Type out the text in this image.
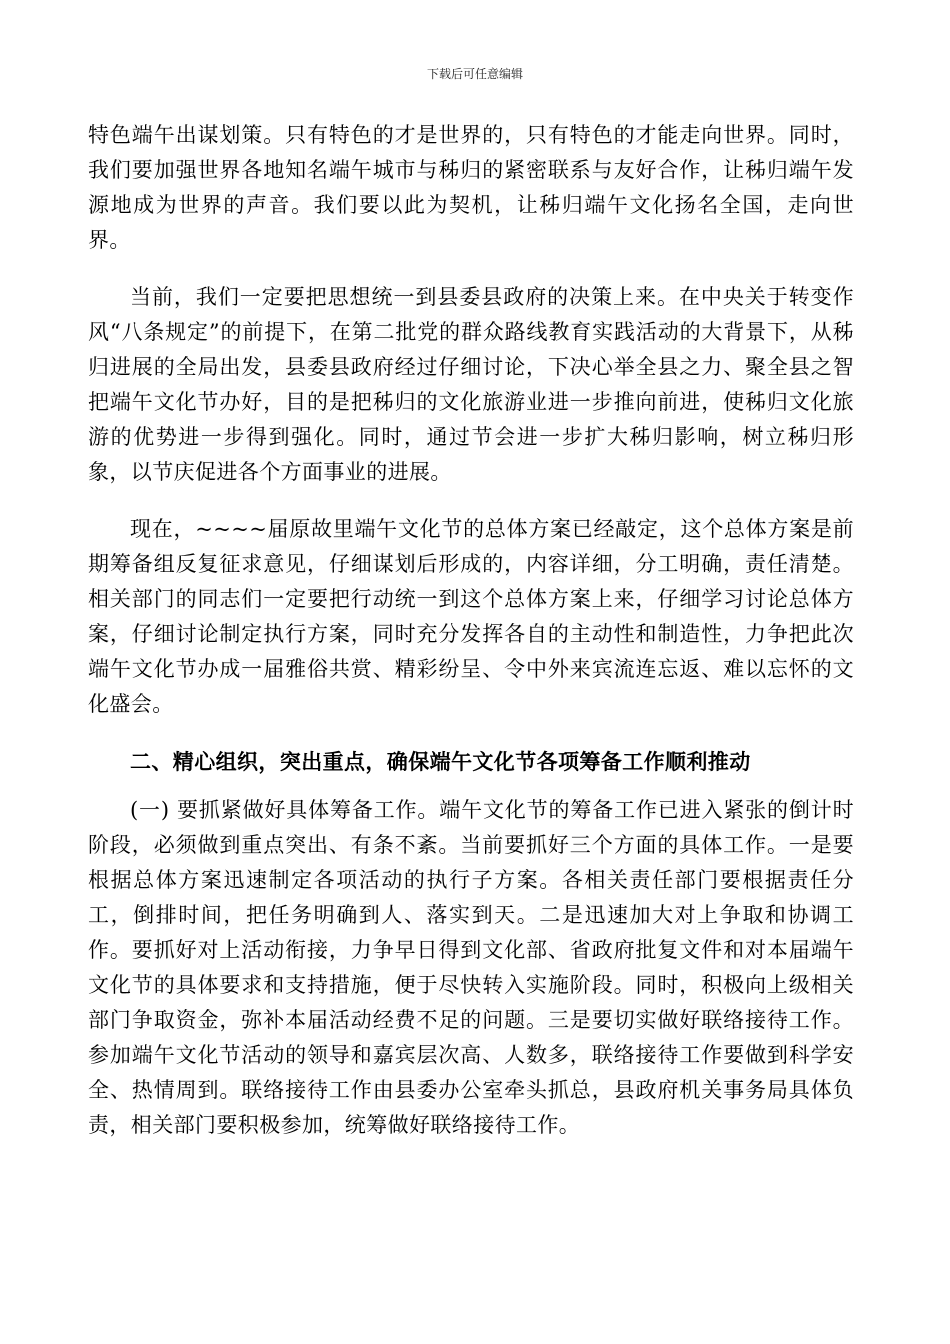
下载后可任意编辑

特色端午出谋划策。只有特色的才是世界的，只有特色的才能走向世界。同时，我们要加强世界各地知名端午城市与秭归的紧密联系与友好合作，让秭归端午发源地成为世界的声音。我们要以此为契机，让秭归端午文化扬名全国，走向世界。

当前，我们一定要把思想统一到县委县政府的决策上来。在中央关于转变作风“八条规定”的前提下，在第二批党的群众路线教育实践活动的大背景下，从秭归进展的全局出发，县委县政府经过仔细讨论，下决心举全县之力、聚全县之智把端午文化节办好，目的是把秭归的文化旅游业进一步推向前进，使秭归文化旅游的优势进一步得到强化。同时，通过节会进一步扩大秭归影响，树立秭归形象，以节庆促进各个方面事业的进展。

现在，~~~~届原故里端午文化节的总体方案已经敲定，这个总体方案是前期筹备组反复征求意见，仔细谋划后形成的，内容详细，分工明确，责任清楚。相关部门的同志们一定要把行动统一到这个总体方案上来，仔细学习讨论总体方案，仔细讨论制定执行方案，同时充分发挥各自的主动性和制造性，力争把此次端午文化节办成一届雅俗共赏、精彩纷呈、令中外来宾流连忘返、难以忘怀的文化盛会。

二、精心组织，突出重点，确保端午文化节各项筹备工作顺利推动

(一) 要抓紧做好具体筹备工作。端午文化节的筹备工作已进入紧张的倒计时阶段，必须做到重点突出、有条不紊。当前要抓好三个方面的具体工作。一是要根据总体方案迅速制定各项活动的执行子方案。各相关责任部门要根据责任分工，倒排时间，把任务明确到人、落实到天。二是迅速加大对上争取和协调工作。要抓好对上活动衔接，力争早日得到文化部、省政府批复文件和对本届端午文化节的具体要求和支持措施，便于尽快转入实施阶段。同时，积极向上级相关部门争取资金，弥补本届活动经费不足的问题。三是要切实做好联络接待工作。参加端午文化节活动的领导和嘉宾层次高、人数多，联络接待工作要做到科学安全、热情周到。联络接待工作由县委办公室牵头抓总，县政府机关事务局具体负责，相关部门要积极参加，统筹做好联络接待工作。
